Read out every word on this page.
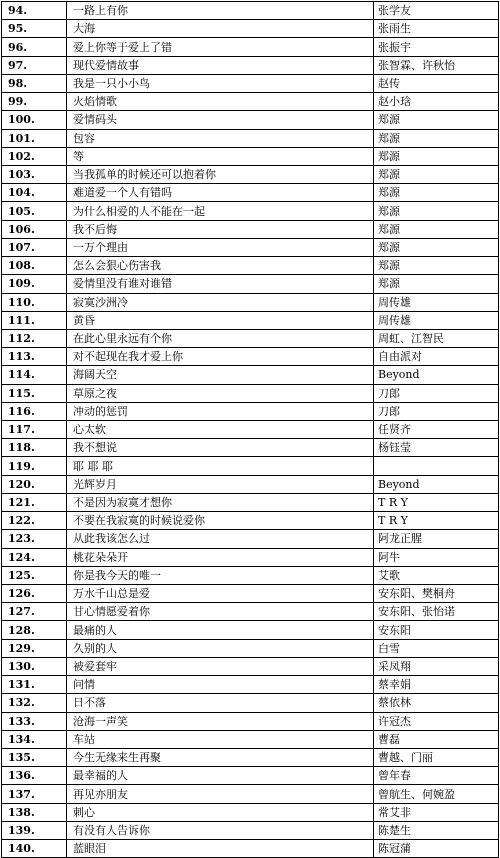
94.	一路上有你	张学友
95.	大海	张雨生
96.	爱上你等于爱上了错	张振宇
97.	现代爱情故事	张智霖、许秋怡
98.	我是一只小小鸟	赵传
99.	火焰情歌	赵小琀
100.	爱情码头	郑源
101.	包容	郑源
102.	等	郑源
103.	当我孤单的时候还可以抱着你	郑源
104.	难道爱一个人有错吗	郑源
105.	为什么相爱的人不能在一起	郑源
106.	我不后悔	郑源
107.	一万个理由	郑源
108.	怎么会狠心伤害我	郑源
109.	爱情里没有谁对谁错	郑源
110.	寂寞沙洲冷	周传雄
111.	黄昏	周传雄
112.	在此心里永远有个你	周虹、江智民
113.	对不起现在我才爱上你	自由派对
114.	海阔天空	Beyond
115.	草原之夜	刀郎
116.	冲动的惩罚	刀郎
117.	心太软	任贤齐
118.	我不想说	杨钰莹
119.	耶 耶 耶	
120.	光辉岁月	Beyond
121.	不是因为寂寞才想你	T R Y
122.	不要在我寂寞的时候说爱你	T R Y
123.	从此我该怎么过	阿龙正腥
124.	桃花朵朵开	阿牛
125.	你是我今天的唯一	艾歌
126.	万水千山总是爱	安东阳、樊桐舟
127.	甘心情愿爱着你	安东阳、张怡诺
128.	最痛的人	安东阳
129.	久别的人	白雪
130.	被爱套牢	采凤翔
131.	问情	蔡幸娟
132.	日不落	蔡依林
133.	沧海一声笑	许冠杰
134.	车站	曹磊
135.	今生无缘来生再聚	曹越、门丽
136.	最幸福的人	曾年春
137.	再见亦朋友	曾航生、何婉盈
138.	刺心	常艾非
139.	有没有人告诉你	陈楚生
140.	蓝眼泪	陈冠蒲
